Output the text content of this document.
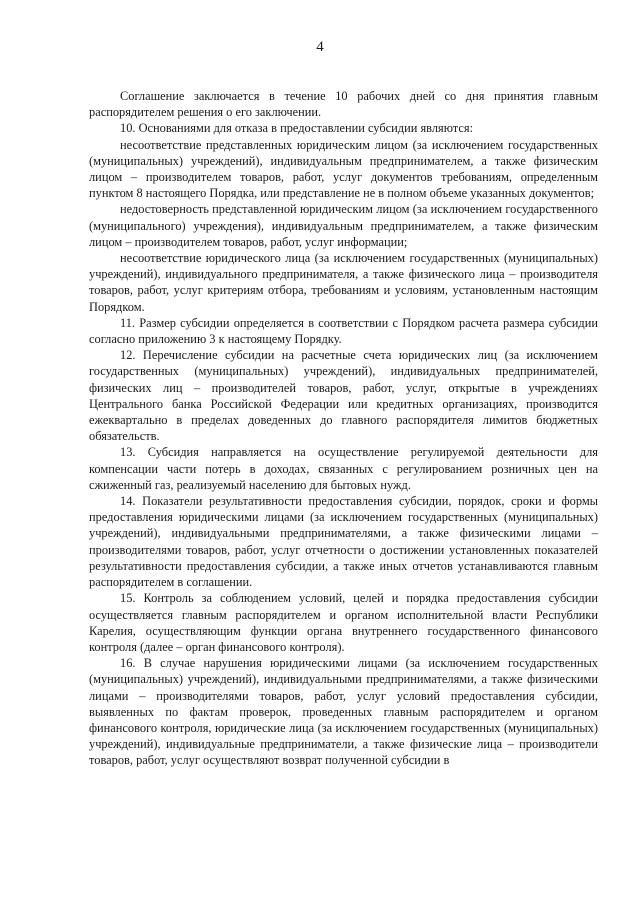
4

Соглашение заключается в течение 10 рабочих дней со дня принятия главным распорядителем решения о его заключении.

10. Основаниями для отказа в предоставлении субсидии являются:

несоответствие представленных юридическим лицом (за исключением государственных (муниципальных) учреждений), индивидуальным предпринимателем, а также физическим лицом – производителем товаров, работ, услуг документов требованиям, определенным пунктом 8 настоящего Порядка, или представление не в полном объеме указанных документов;

недостоверность представленной юридическим лицом (за исключением государственного (муниципального) учреждения), индивидуальным предпринимателем, а также физическим лицом – производителем товаров, работ, услуг информации;

несоответствие юридического лица (за исключением государственных (муниципальных) учреждений), индивидуального предпринимателя, а также физического лица – производителя товаров, работ, услуг критериям отбора, требованиям и условиям, установленным настоящим Порядком.

11. Размер субсидии определяется в соответствии с Порядком расчета размера субсидии согласно приложению 3 к настоящему Порядку.

12. Перечисление субсидии на расчетные счета юридических лиц (за исключением государственных (муниципальных) учреждений), индивидуальных предпринимателей, физических лиц – производителей товаров, работ, услуг, открытые в учреждениях Центрального банка Российской Федерации или кредитных организациях, производится ежеквартально в пределах доведенных до главного распорядителя лимитов бюджетных обязательств.

13. Субсидия направляется на осуществление регулируемой деятельности для компенсации части потерь в доходах, связанных с регулированием розничных цен на сжиженный газ, реализуемый населению для бытовых нужд.

14. Показатели результативности предоставления субсидии, порядок, сроки и формы предоставления юридическими лицами (за исключением государственных (муниципальных) учреждений), индивидуальными предпринимателями, а также физическими лицами – производителями товаров, работ, услуг отчетности о достижении установленных показателей результативности предоставления субсидии, а также иных отчетов устанавливаются главным распорядителем в соглашении.

15. Контроль за соблюдением условий, целей и порядка предоставления субсидии осуществляется главным распорядителем и органом исполнительной власти Республики Карелия, осуществляющим функции органа внутреннего государственного финансового контроля (далее – орган финансового контроля).

16. В случае нарушения юридическими лицами (за исключением государственных (муниципальных) учреждений), индивидуальными предпринимателями, а также физическими лицами – производителями товаров, работ, услуг условий предоставления субсидии, выявленных по фактам проверок, проведенных главным распорядителем и органом финансового контроля, юридические лица (за исключением государственных (муниципальных) учреждений), индивидуальные предприниматели, а также физические лица – производители товаров, работ, услуг осуществляют возврат полученной субсидии в
